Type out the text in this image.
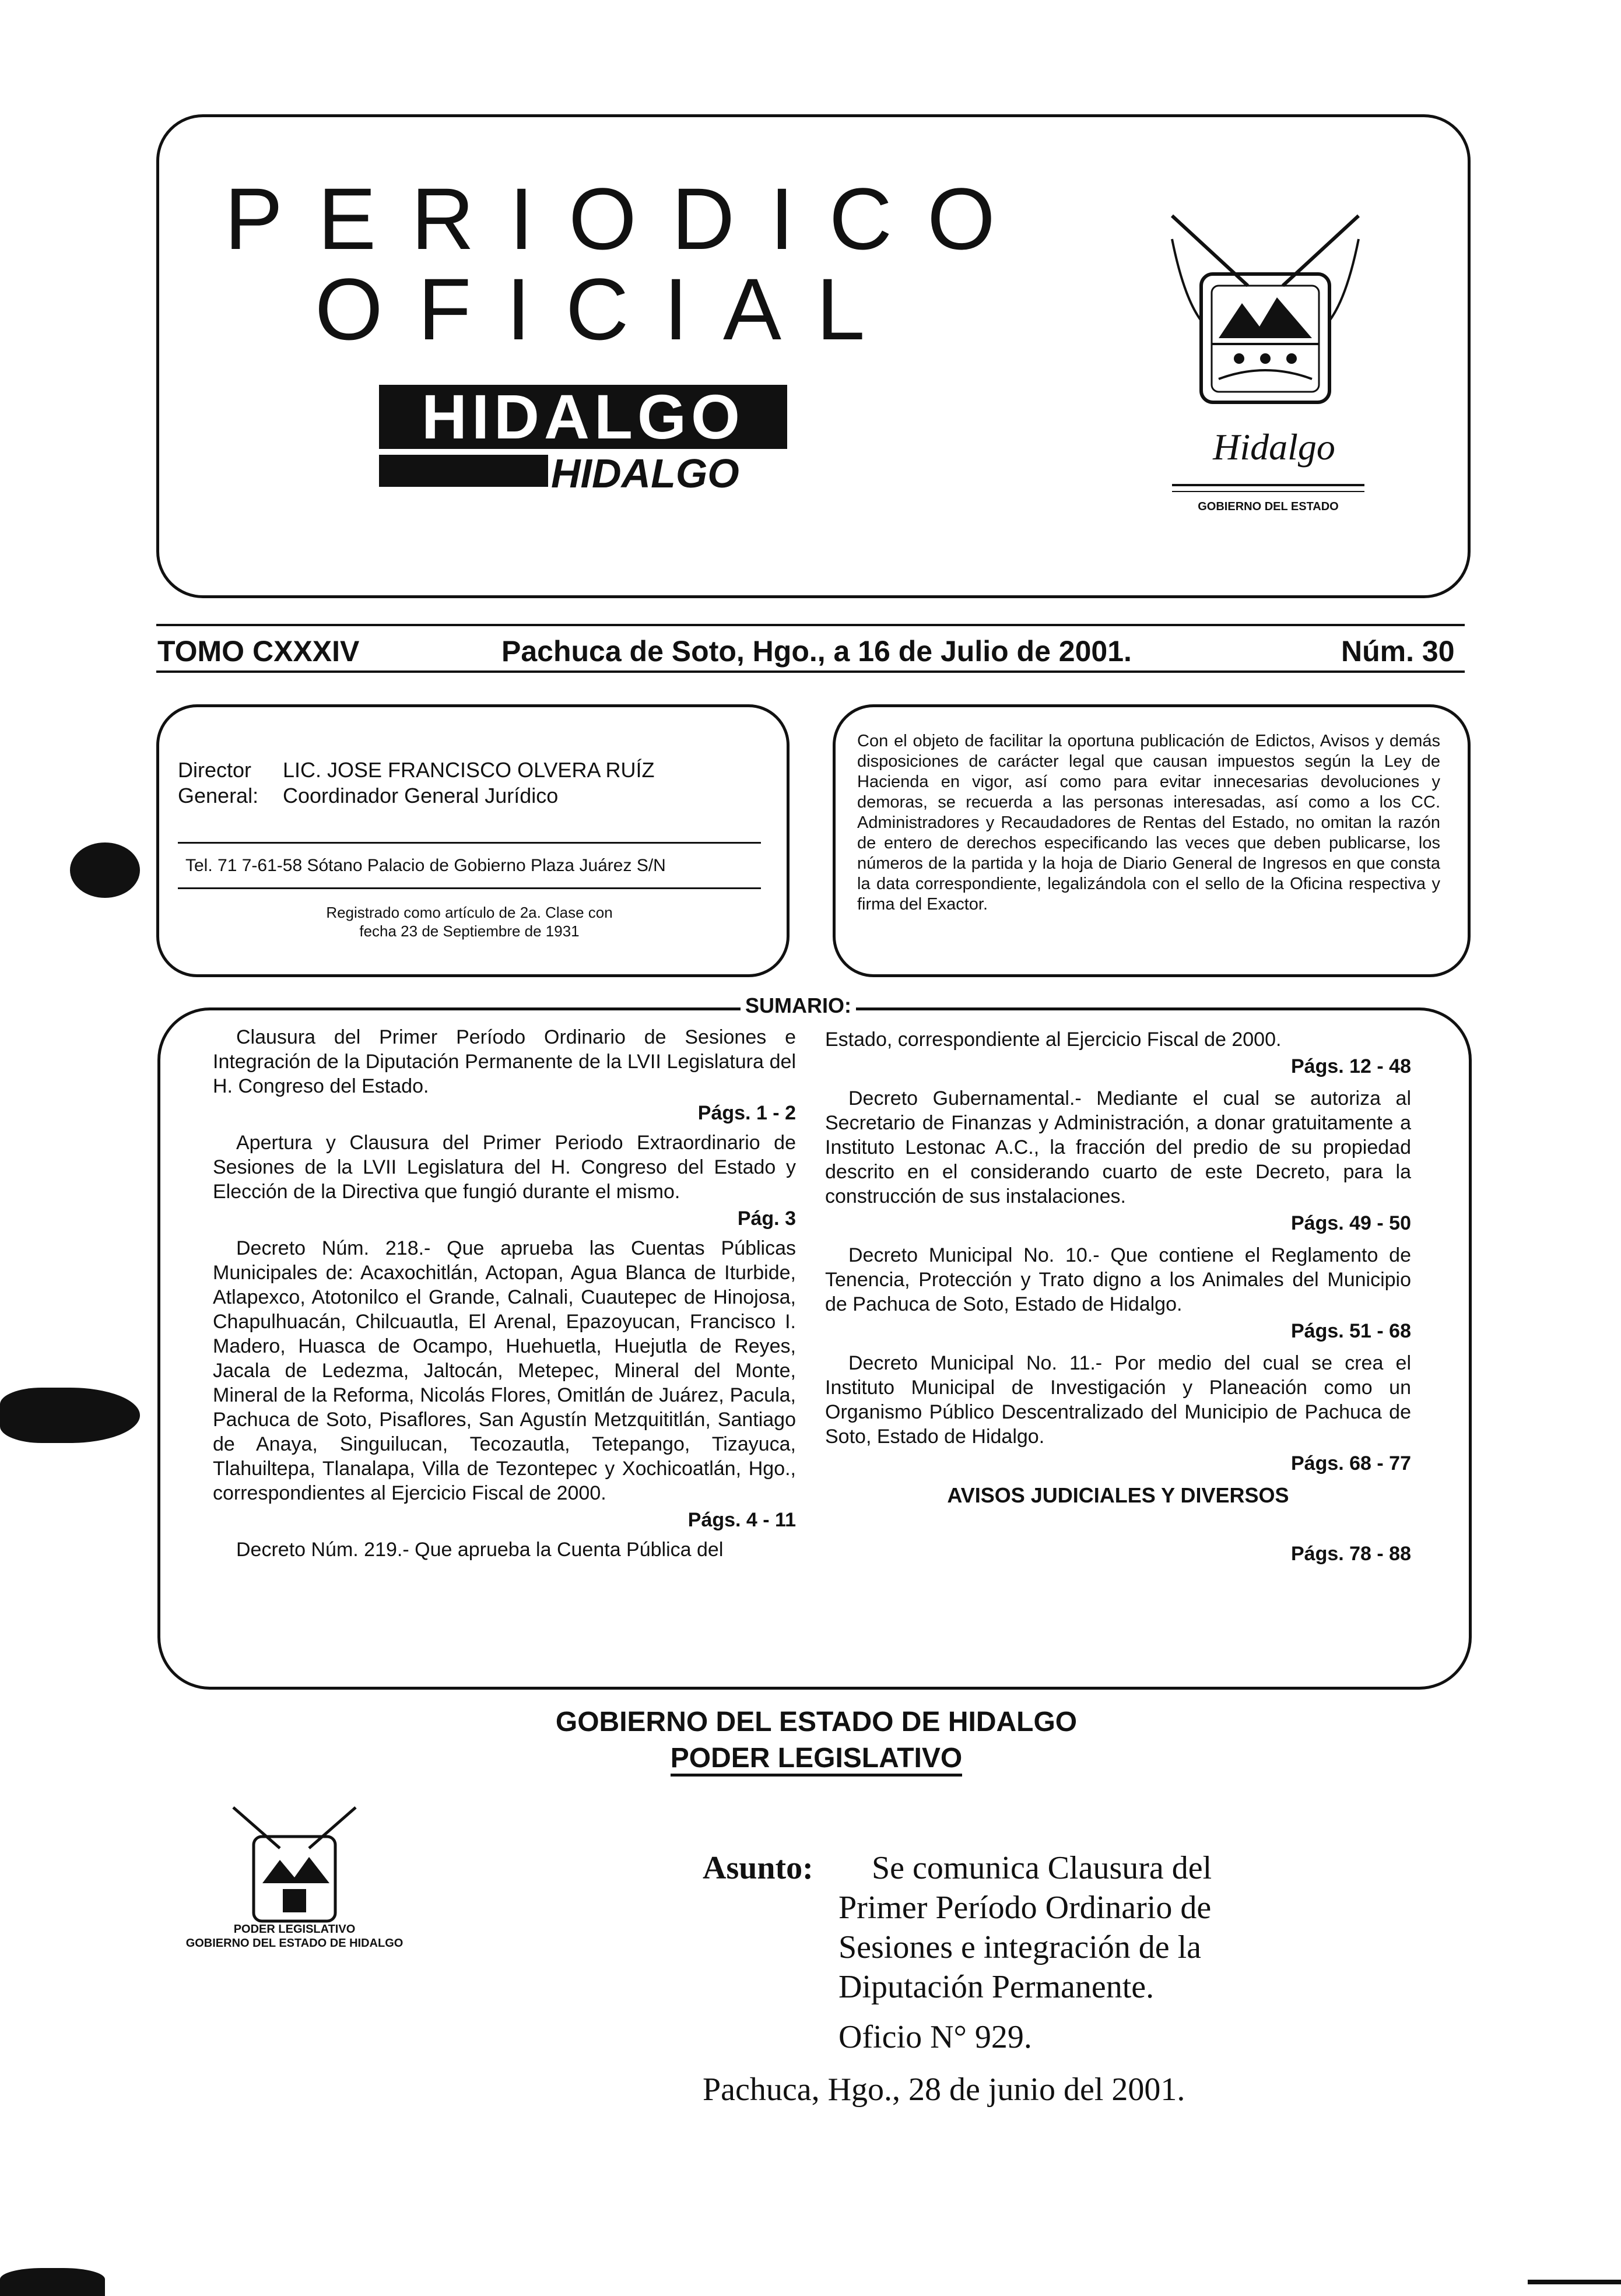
PERIODICO
OFICIAL
HIDALGO
HIDALGO
Hidalgo
GOBIERNO DEL ESTADO
TOMO CXXXIV	Pachuca de Soto, Hgo., a 16 de Julio de 2001.	Núm. 30
Director
General:
LIC. JOSE FRANCISCO OLVERA RUÍZ
Coordinador General Jurídico
Tel. 71 7-61-58 Sótano Palacio de Gobierno Plaza Juárez S/N
Registrado como artículo de 2a. Clase con
fecha 23 de Septiembre de 1931
Con el objeto de facilitar la oportuna publicación de Edictos, Avisos y demás disposiciones de carácter legal que causan impuestos según la Ley de Hacienda en vigor, así como para evitar innecesarias devoluciones y demoras, se recuerda a las personas interesadas, así como a los CC. Administradores y Recaudadores de Rentas del Estado, no omitan la razón de entero de derechos especificando las veces que deben publicarse, los números de la partida y la hoja de Diario General de Ingresos en que consta la data correspondiente, legalizándola con el sello de la Oficina respectiva y firma del Exactor.
SUMARIO:
Clausura del Primer Período Ordinario de Sesiones e Integración de la Diputación Permanente de la LVII Legislatura del H. Congreso del Estado.
Págs. 1 - 2
Apertura y Clausura del Primer Periodo Extraordinario de Sesiones de la LVII Legislatura del H. Congreso del Estado y Elección de la Directiva que fungió durante el mismo.
Pág. 3
Decreto Núm. 218.- Que aprueba las Cuentas Públicas Municipales de: Acaxochitlán, Actopan, Agua Blanca de Iturbide, Atlapexco, Atotonilco el Grande, Calnali, Cuautepec de Hinojosa, Chapulhuacán, Chilcuautla, El Arenal, Epazoyucan, Francisco I. Madero, Huasca de Ocampo, Huehuetla, Huejutla de Reyes, Jacala de Ledezma, Jaltocán, Metepec, Mineral del Monte, Mineral de la Reforma, Nicolás Flores, Omitlán de Juárez, Pacula, Pachuca de Soto, Pisaflores, San Agustín Metzquititlán, Santiago de Anaya, Singuilucan, Tecozautla, Tetepango, Tizayuca, Tlahuiltepa, Tlanalapa, Villa de Tezontepec y Xochicoatlán, Hgo., correspondientes al Ejercicio Fiscal de 2000.
Págs. 4 - 11
Decreto Núm. 219.- Que aprueba la Cuenta Pública del
Estado, correspondiente al Ejercicio Fiscal de 2000.
Págs. 12 - 48
Decreto Gubernamental.- Mediante el cual se autoriza al Secretario de Finanzas y Administración, a donar gratuitamente a Instituto Lestonac A.C., la fracción del predio de su propiedad descrito en el considerando cuarto de este Decreto, para la construcción de sus instalaciones.
Págs. 49 - 50
Decreto Municipal No. 10.- Que contiene el Reglamento de Tenencia, Protección y Trato digno a los Animales del Municipio de Pachuca de Soto, Estado de Hidalgo.
Págs. 51 - 68
Decreto Municipal No. 11.- Por medio del cual se crea el Instituto Municipal de Investigación y Planeación como un Organismo Público Descentralizado del Municipio de Pachuca de Soto, Estado de Hidalgo.
Págs. 68 - 77
AVISOS JUDICIALES Y DIVERSOS
Págs. 78 - 88
GOBIERNO DEL ESTADO DE HIDALGO
PODER LEGISLATIVO
PODER LEGISLATIVO
GOBIERNO DEL ESTADO DE HIDALGO
Asunto: Se comunica Clausura del
Primer Período Ordinario de
Sesiones e integración de la
Diputación Permanente.
Oficio N° 929.
Pachuca, Hgo., 28 de junio del 2001.
